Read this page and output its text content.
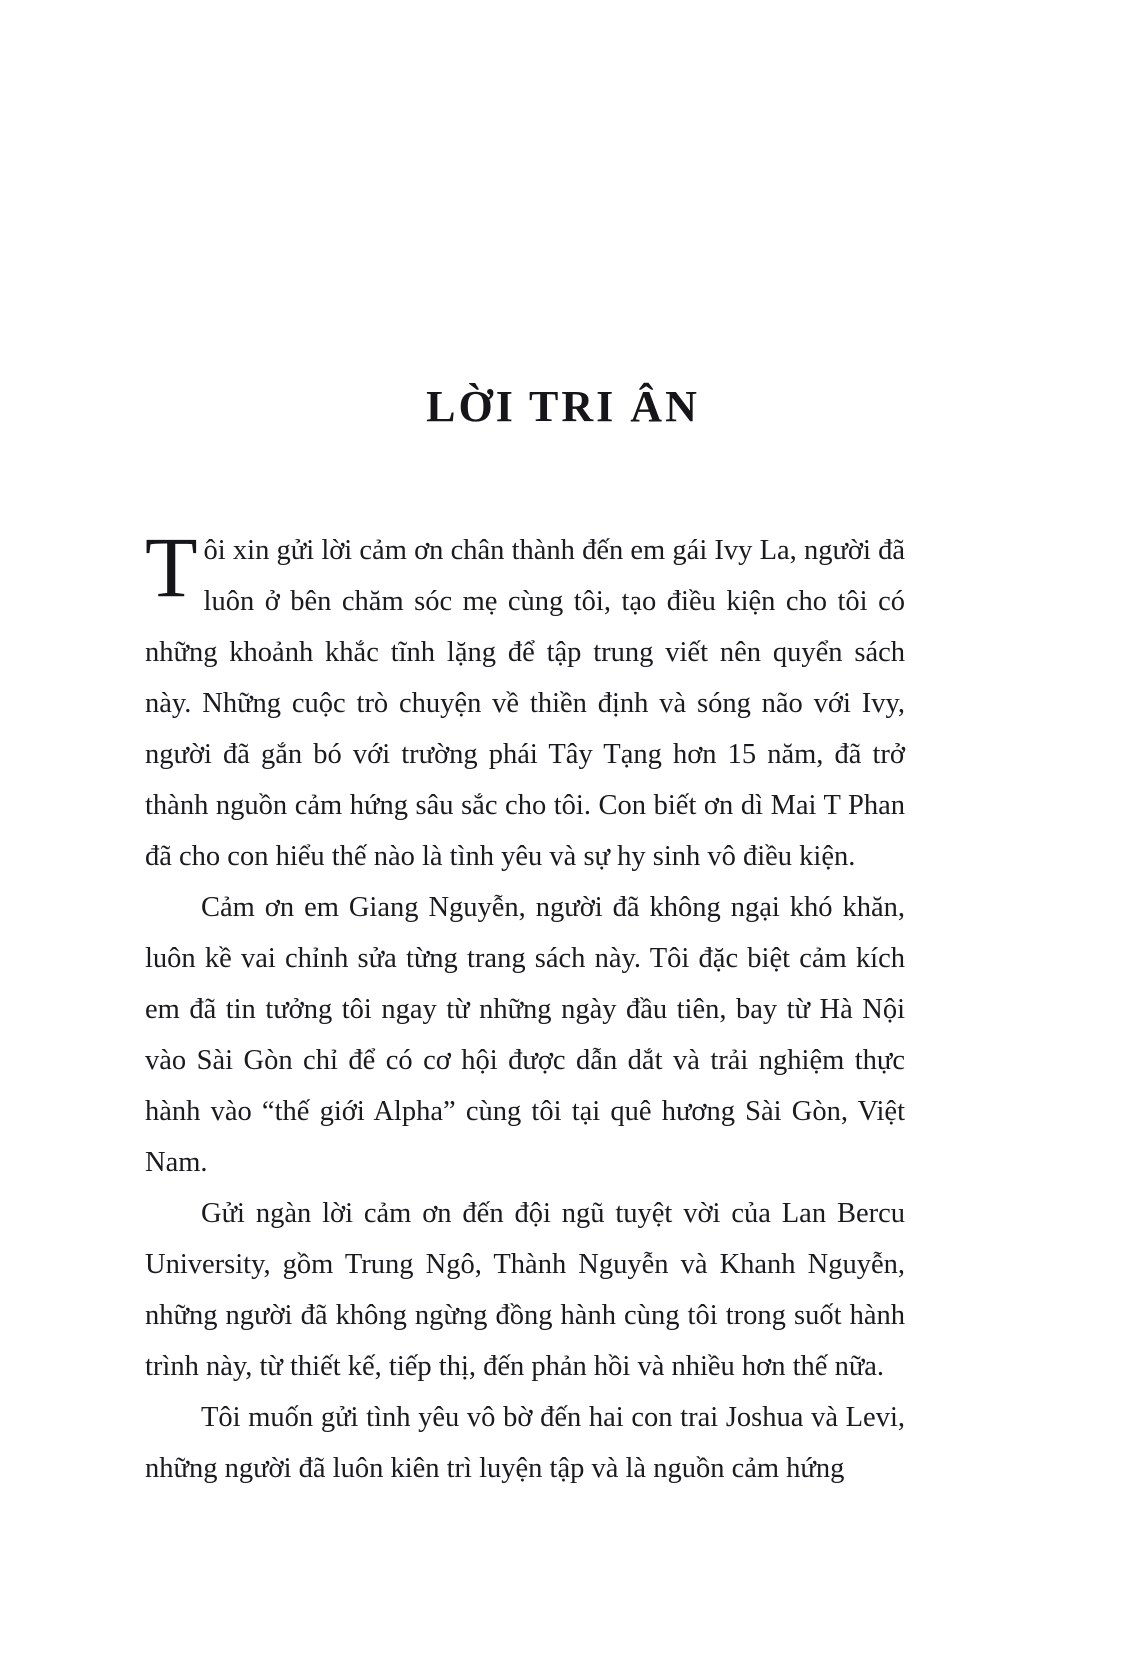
LỜI TRI ÂN

Tôi xin gửi lời cảm ơn chân thành đến em gái Ivy La, người đã luôn ở bên chăm sóc mẹ cùng tôi, tạo điều kiện cho tôi có những khoảnh khắc tĩnh lặng để tập trung viết nên quyển sách này. Những cuộc trò chuyện về thiền định và sóng não với Ivy, người đã gắn bó với trường phái Tây Tạng hơn 15 năm, đã trở thành nguồn cảm hứng sâu sắc cho tôi. Con biết ơn dì Mai T Phan đã cho con hiểu thế nào là tình yêu và sự hy sinh vô điều kiện.

Cảm ơn em Giang Nguyễn, người đã không ngại khó khăn, luôn kề vai chỉnh sửa từng trang sách này. Tôi đặc biệt cảm kích em đã tin tưởng tôi ngay từ những ngày đầu tiên, bay từ Hà Nội vào Sài Gòn chỉ để có cơ hội được dẫn dắt và trải nghiệm thực hành vào “thế giới Alpha” cùng tôi tại quê hương Sài Gòn, Việt Nam.

Gửi ngàn lời cảm ơn đến đội ngũ tuyệt vời của Lan Bercu University, gồm Trung Ngô, Thành Nguyễn và Khanh Nguyễn, những người đã không ngừng đồng hành cùng tôi trong suốt hành trình này, từ thiết kế, tiếp thị, đến phản hồi và nhiều hơn thế nữa.

Tôi muốn gửi tình yêu vô bờ đến hai con trai Joshua và Levi, những người đã luôn kiên trì luyện tập và là nguồn cảm hứng
